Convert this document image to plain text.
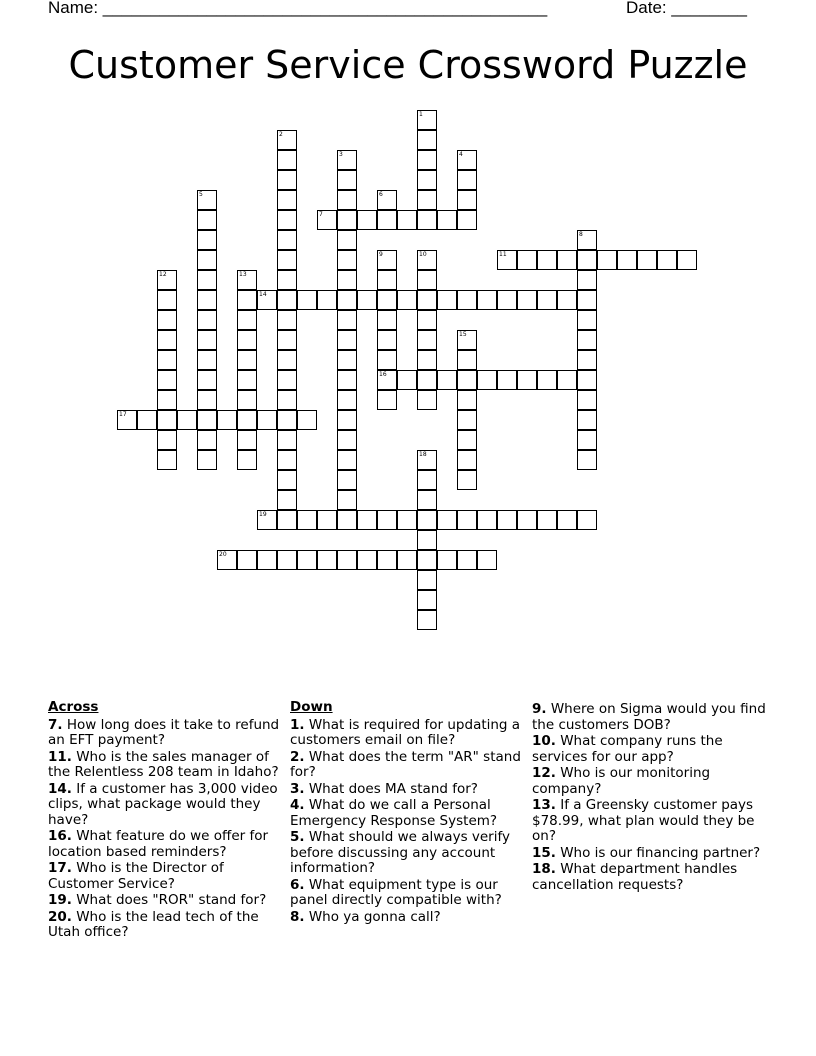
Name: _______________________________________________	Date: ________
Customer Service Crossword Puzzle
1
2
3	4
5	6
7
8
9
16
10	11
12	13
14
15
17
18
19
20
Across
7. How long does it take to refund an EFT payment?
11. Who is the sales manager of the Relentless 208 team in Idaho?
14. If a customer has 3,000 video clips, what package would they have?
16. What feature do we offer for location based reminders?
17. Who is the Director of Customer Service?
19. What does "ROR" stand for?
20. Who is the lead tech of the Utah office?
Down
1. What is required for updating a customers email on file?
2. What does the term "AR" stand for?
3. What does MA stand for?
4. What do we call a Personal Emergency Response System?
5. What should we always verify before discussing any account information?
6. What equipment type is our panel directly compatible with?
8. Who ya gonna call?
9. Where on Sigma would you find the customers DOB?
10. What company runs the services for our app?
12. Who is our monitoring company?
13. If a Greensky customer pays $78.99, what plan would they be on?
15. Who is our financing partner?
18. What department handles cancellation requests?
